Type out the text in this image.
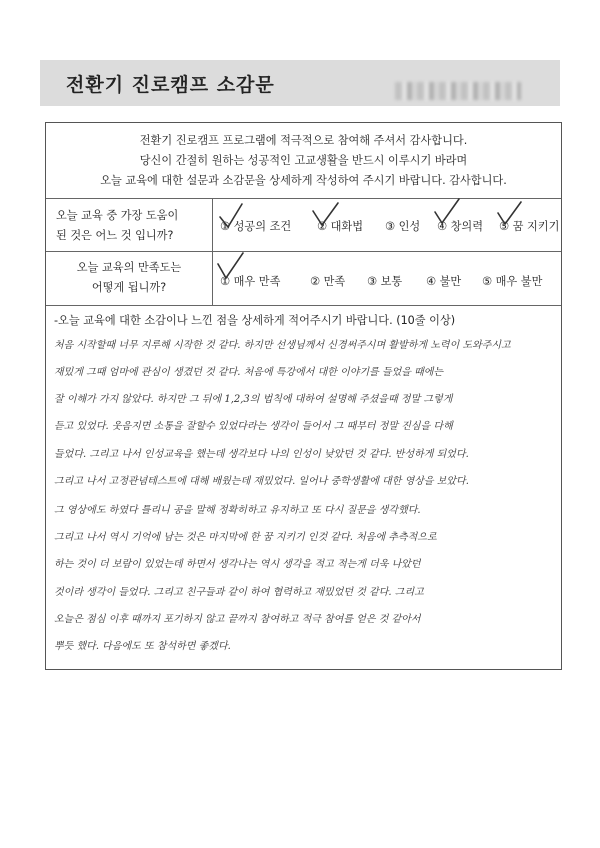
전환기 진로캠프 소감문
전환기 진로캠프 프로그램에 적극적으로 참여해 주셔서 감사합니다.
당신이 간절히 원하는 성공적인 고교생활을 반드시 이루시기 바라며
오늘 교육에 대한 설문과 소감문을 상세하게 작성하여 주시기 바랍니다. 감사합니다.
오늘 교육 중 가장 도움이
된 것은 어느 것 입니까?
① 성공의 조건 ② 대화법 ③ 인성 ④ 창의력 ⑤ 꿈 지키기
오늘 교육의 만족도는
어떻게 됩니까?	① 매우 만족	② 만족 ③ 보통 ④ 불만 ⑤ 매우 불만
-오늘 교육에 대한 소감이나 느낀 점을 상세하게 적어주시기 바랍니다. (10줄 이상)
처음 시작할때 너무 지루해 시작한 것 같다. 하지만 선생님께서 신경써주시며 활발하게 노력이 도와주시고
재밌게 그때 엄마에 관심이 생겼던 것 같다. 처음에 특강에서 대한 이야기를 들었을 때에는
잘 이해가 가지 않았다. 하지만 그 뒤에 1,2,3의 법칙에 대하여 설명해 주셨을때 정말 그렇게
듣고 있었다. 웃음지면 소통을 잘할수 있었다라는 생각이 들어서 그 때부터 정말 진심을 다해
들었다. 그리고 나서 인성교육을 했는데 생각보다 나의 인성이 낮았던 것 같다. 반성하게 되었다.
그리고 나서 고정관념테스트에 대해 배웠는데 재밌었다. 일어나 중학생활에 대한 영상을 보았다.
그 영상에도 하였다 틀리니 공을 말해 정확히하고 유지하고 또 다시 질문을 생각했다.
그리고 나서 역시 기억에 남는 것은 마지막에 한 꿈 지키기 인것 같다. 처음에 추측적으로
하는 것이 더 보람이 있었는데 하면서 생각나는 역시 생각을 적고 적는게 더욱 나았던
것이라 생각이 들었다. 그리고 친구들과 같이 하여 협력하고 재밌었던 것 같다. 그리고
오늘은 점심 이후 때까지 포기하지 않고 끝까지 참여하고 적극 참여를 얻은 것 같아서
뿌듯 했다. 다음에도 또 참석하면 좋겠다.
